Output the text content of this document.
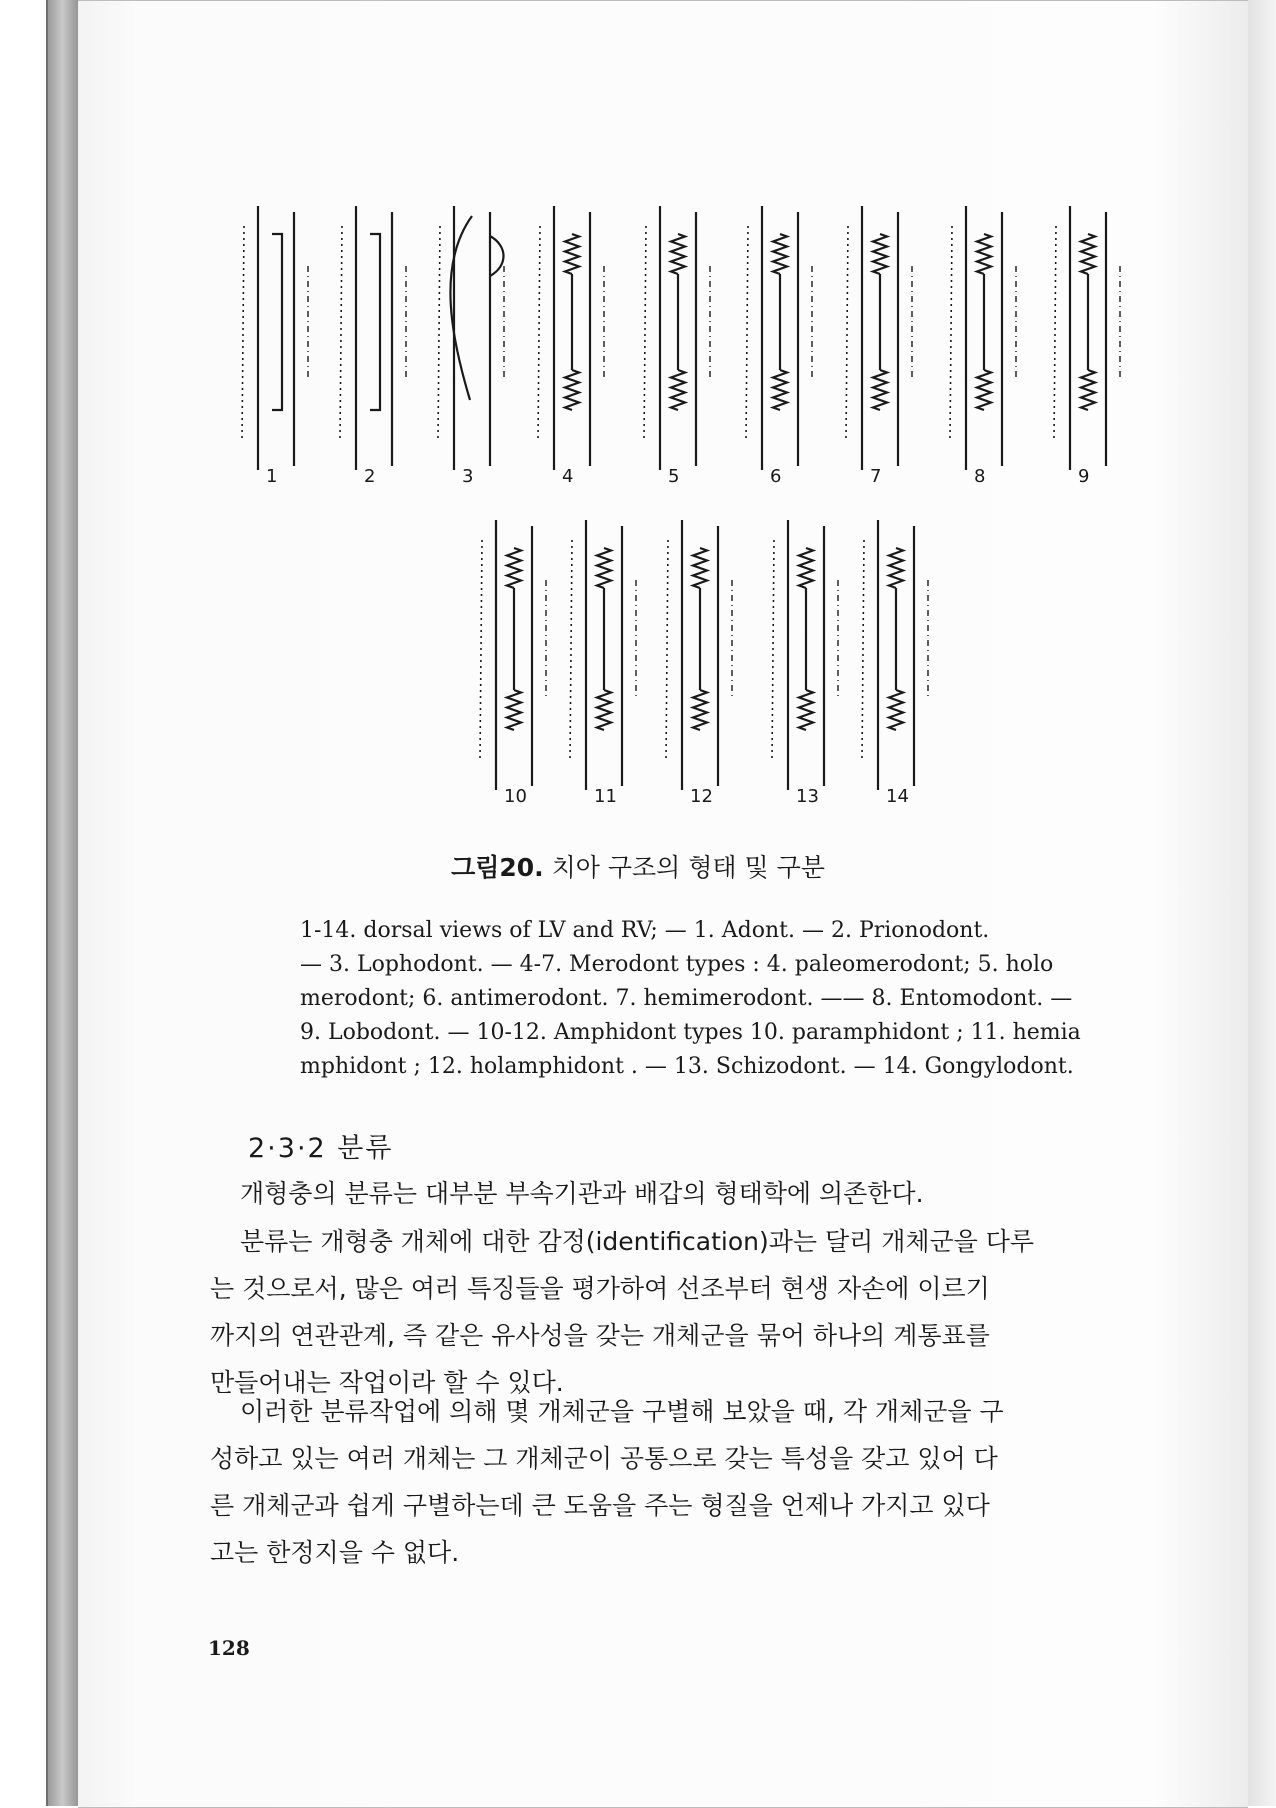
1	2	3	4	5	6	7	8	9
10	11	12	13	14
그림20. 치아 구조의 형태 및 구분
1-14. dorsal views of LV and RV; — 1. Adont. — 2. Prionodont.
— 3. Lophodont. — 4-7. Merodont types : 4. paleomerodont; 5. holo
merodont; 6. antimerodont. 7. hemimerodont. —— 8. Entomodont. —
9. Lobodont. — 10-12. Amphidont types 10. paramphidont ; 11. hemia
mphidont ; 12. holamphidont . — 13. Schizodont. — 14. Gongylodont.
2·3·2 분류

개형충의 분류는 대부분 부속기관과 배갑의 형태학에 의존한다.

분류는 개형충 개체에 대한 감정(identification)과는 달리 개체군을 다루

는 것으로서, 많은 여러 특징들을 평가하여 선조부터 현생 자손에 이르기

까지의 연관관계, 즉 같은 유사성을 갖는 개체군을 묶어 하나의 계통표를

만들어내는 작업이라 할 수 있다.

이러한 분류작업에 의해 몇 개체군을 구별해 보았을 때, 각 개체군을 구

성하고 있는 여러 개체는 그 개체군이 공통으로 갖는 특성을 갖고 있어 다

른 개체군과 쉽게 구별하는데 큰 도움을 주는 형질을 언제나 가지고 있다

고는 한정지을 수 없다.

128
